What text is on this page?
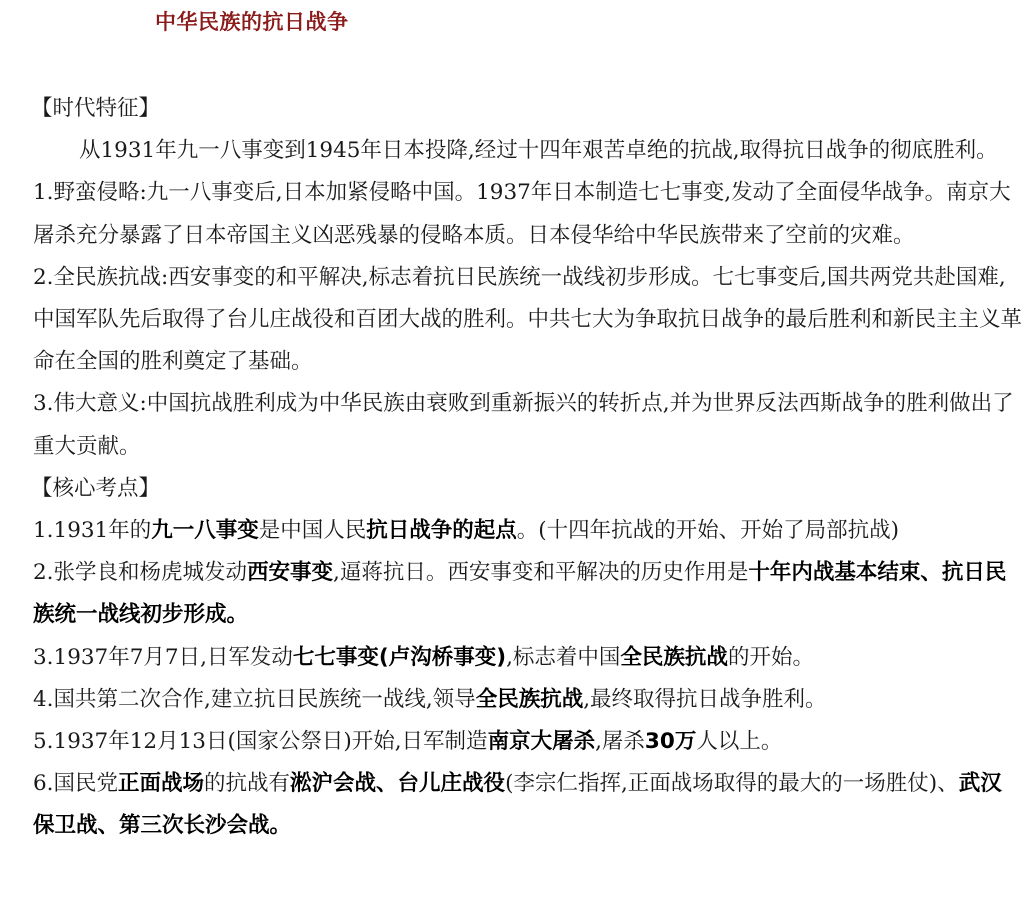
中华民族的抗日战争

【时代特征】

从1931年九一八事变到1945年日本投降,经过十四年艰苦卓绝的抗战,取得抗日战争的彻底胜利。

1.野蛮侵略:九一八事变后,日本加紧侵略中国。1937年日本制造七七事变,发动了全面侵华战争。南京大屠杀充分暴露了日本帝国主义凶恶残暴的侵略本质。日本侵华给中华民族带来了空前的灾难。

2.全民族抗战:西安事变的和平解决,标志着抗日民族统一战线初步形成。七七事变后,国共两党共赴国难,中国军队先后取得了台儿庄战役和百团大战的胜利。中共七大为争取抗日战争的最后胜利和新民主主义革命在全国的胜利奠定了基础。

3.伟大意义:中国抗战胜利成为中华民族由衰败到重新振兴的转折点,并为世界反法西斯战争的胜利做出了重大贡献。

【核心考点】

1.1931年的九一八事变是中国人民抗日战争的起点。(十四年抗战的开始、开始了局部抗战)

2.张学良和杨虎城发动西安事变,逼蒋抗日。西安事变和平解决的历史作用是十年内战基本结束、抗日民族统一战线初步形成。

3.1937年7月7日,日军发动七七事变(卢沟桥事变),标志着中国全民族抗战的开始。

4.国共第二次合作,建立抗日民族统一战线,领导全民族抗战,最终取得抗日战争胜利。

5.1937年12月13日(国家公祭日)开始,日军制造南京大屠杀,屠杀30万人以上。

6.国民党正面战场的抗战有淞沪会战、台儿庄战役(李宗仁指挥,正面战场取得的最大的一场胜仗)、武汉保卫战、第三次长沙会战。
